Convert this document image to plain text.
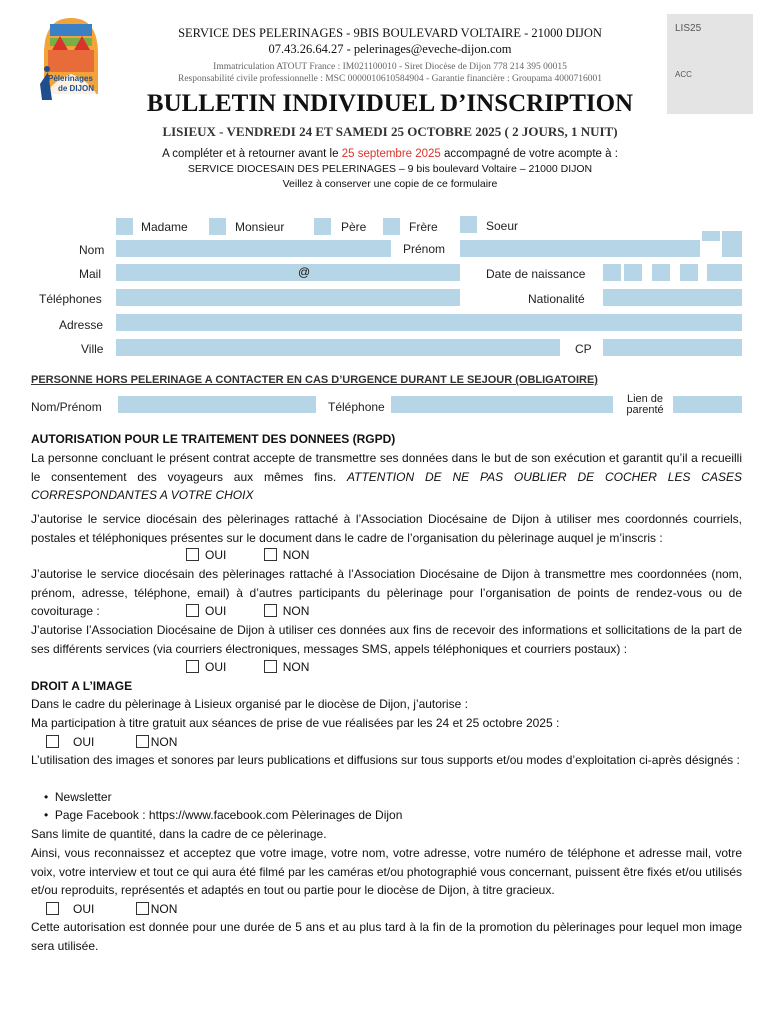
Pèlerinages
de DIJON
SERVICE DES PELERINAGES - 9BIS BOULEVARD VOLTAIRE - 21000 DIJON
07.43.26.64.27 - pelerinages@eveche-dijon.com
Immatriculation ATOUT France : IM021100010 - Siret Diocèse de Dijon 778 214 395 00015
Responsabilité civile professionnelle : MSC 0000010610584904 - Garantie financière : Groupama 4000716001
LIS25
ACC
BULLETIN INDIVIDUEL D’INSCRIPTION
LISIEUX - VENDREDI 24 ET SAMEDI 25 OCTOBRE 2025 ( 2 JOURS, 1 NUIT)
A compléter et à retourner avant le 25 septembre 2025 accompagné de votre acompte à :
SERVICE DIOCESAIN DES PELERINAGES – 9 bis boulevard Voltaire – 21000 DIJON
Veillez à conserver une copie de ce formulaire
Madame	Monsieur	Père	Frère	Soeur
Nom	Prénom
Mail	@	Date de naissance
Téléphones	Nationalité
Adresse
Ville	CP
PERSONNE HORS PELERINAGE A CONTACTER EN CAS D’URGENCE DURANT LE SEJOUR (OBLIGATOIRE)
Nom/Prénom	Téléphone
Lien de
parenté
AUTORISATION POUR LE TRAITEMENT DES DONNEES (RGPD)
La personne concluant le présent contrat accepte de transmettre ses données dans le but de son exécution et garantit qu’il a recueilli le consentement des voyageurs aux mêmes fins. ATTENTION DE NE PAS OUBLIER DE COCHER LES CASES CORRESPONDANTES A VOTRE CHOIX
J’autorise le service diocésain des pèlerinages rattaché à l’Association Diocésaine de Dijon à utiliser mes coordonnés courriels, postales et téléphoniques présentes sur le document dans le cadre de l’organisation du pèlerinage auquel je m’inscris :
OUI	NON
J’autorise le service diocésain des pèlerinages rattaché à l’Association Diocésaine de Dijon à transmettre mes coordonnées (nom, prénom, adresse, téléphone, email) à d’autres participants du pèlerinage pour l’organisation de points de rendez-vous ou de covoiturage :	OUI	NON
J’autorise l’Association Diocésaine de Dijon à utiliser ces données aux fins de recevoir des informations et sollicitations de la part de ses différents services (via courriers électroniques, messages SMS, appels téléphoniques et courriers postaux) :
OUI	NON
DROIT A L’IMAGE
Dans le cadre du pèlerinage à Lisieux organisé par le diocèse de Dijon, j’autorise :
Ma participation à titre gratuit aux séances de prise de vue réalisées par les 24 et 25 octobre 2025 :
OUI	NON
L’utilisation des images et sonores par leurs publications et diffusions sur tous supports et/ou modes d’exploitation ci-après désignés :
•  Newsletter
•  Page Facebook : https://www.facebook.com Pèlerinages de Dijon
Sans limite de quantité, dans la cadre de ce pèlerinage.
Ainsi, vous reconnaissez et acceptez que votre image, votre nom, votre adresse, votre numéro de téléphone et adresse mail, votre voix, votre interview et tout ce qui aura été filmé par les caméras et/ou photographié vous concernant, puissent être fixés et/ou utilisés et/ou reproduits, représentés et adaptés en tout ou partie pour le diocèse de Dijon, à titre gracieux.
OUI	NON
Cette autorisation est donnée pour une durée de 5 ans et au plus tard à la fin de la promotion du pèlerinages pour lequel mon image sera utilisée.
